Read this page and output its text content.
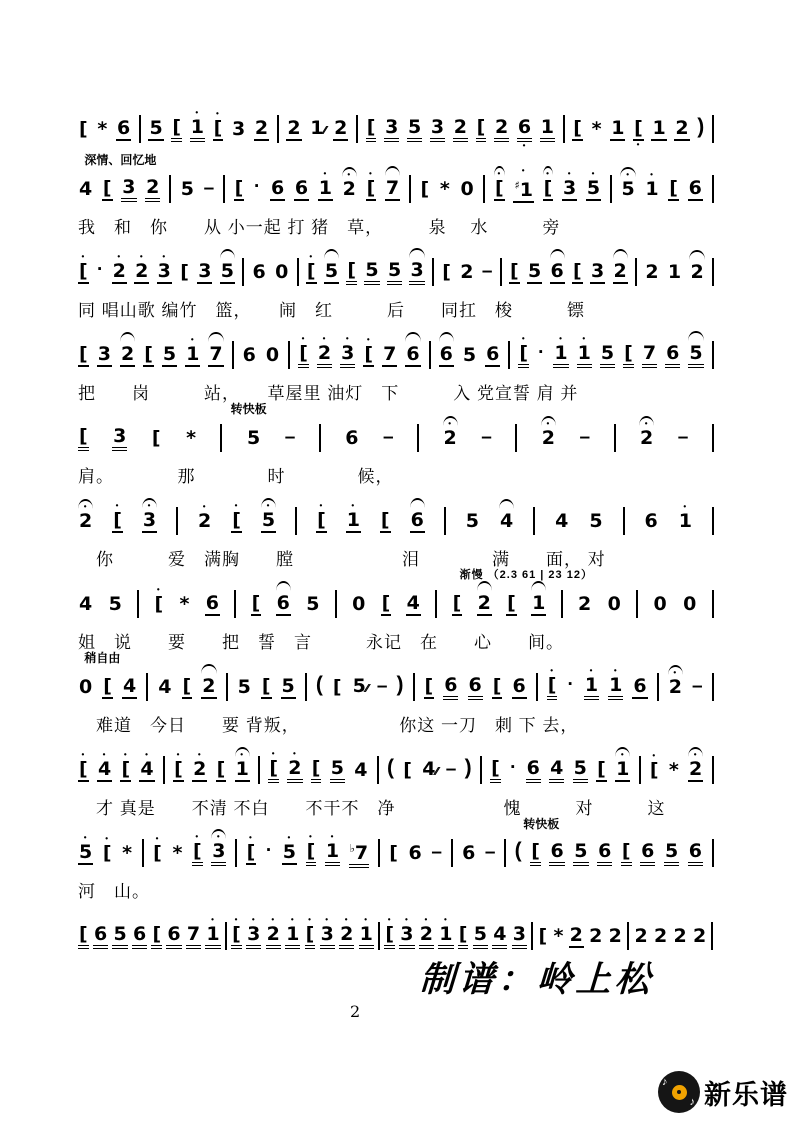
[ * 6 5 [
•
1
•
[ 3 2 2 1 2 [ 3 5 3 2 [ 2 6
•
1 [ * 1 [
•
1 2 )
深情、回忆地
4 [ 3 2 5 – [ · 6 6
•
1
•
2
•
[ 7 [ * 0
•
[
•
♯1
•
[
•
3
•
5
•
5
•
1 [ 6
我　和　你　　从 小一起 打 猪　草，　　　泉　 水　　　旁
•
[ ·
•
2
•
2
•
3 [ 3 5 6 0
•
[ 5 [ 5 5 3 [ 2 – [ 5 6 [ 3 2 2 1 2
同 唱山歌 编竹　篮，　　闹　红　　　后　　同扛　梭　　　镖
[ 3 2 [ 5
•
1 7 6 0
•
[
•
2
•
3
•
[ 7 6 6 5 6
•
[ ·
•
1
•
1 5 [ 7 6 5
把　　岗　　　站，　　草屋里 油灯　下　　　入 党宣誓 肩 并
转快板
[ 3 [ *	5 –	6 –
•
2 –
•
2 –
•
2 –
肩。　　　　那　　　　时　　　　候，
•
2
•
[
•
3
•
2
•
[
•
5
•
[
•
1 [ 6 5 4 4 5 6
•
1
　你　　　爱　满胸　　膛　　　　　　泪　　　　满　　面， 对
渐慢 （2.3 61 | 23 12）
4 5
•
[ * 6 [ 6 5 0 [ 4 [ 2 [ 1 2 0 0 0
姐　说　　要　　把　誓　言　　　永记　在　　心　　间。
稍自由
0 [ 4 4 [ 2 5 [ 5 ( [ 5 – ) [ 6 6 [ 6
•
[ ·
•
1
•
1 6
•
2 –
　难道　今日　　要 背叛，　　　　　　你这 一刀　刺 下 去，
•
[
•
4
•
[
•
4
•
[
•
2 [
•
1
•
[
•
2 [ 5 4 ( [ 4 – ) [ · 6 4 5 [
•
1
•
[ *
•
2
　才 真是　　不清 不白　　不干不　净　　　　　　愧　　　对　　　这
转快板
•
5
•
[ *
•
[ *
•
[
•
3
•
[ ·
•
5
•
[
•
1 ♭7 [ 6 – 6 – ( [ 6 5 6 [ 6 5 6
河　山。
[ 6 5 6 [ 6 7
•
1
•
[
•
3
•
2
•
1
•
[
•
3
•
2
•
1
•
[
•
3
•
2
•
1 [ 5 4 3 [ * 2 2 2 2 2 2 2
制谱：岭上松
2
♪
♪ 新乐谱
